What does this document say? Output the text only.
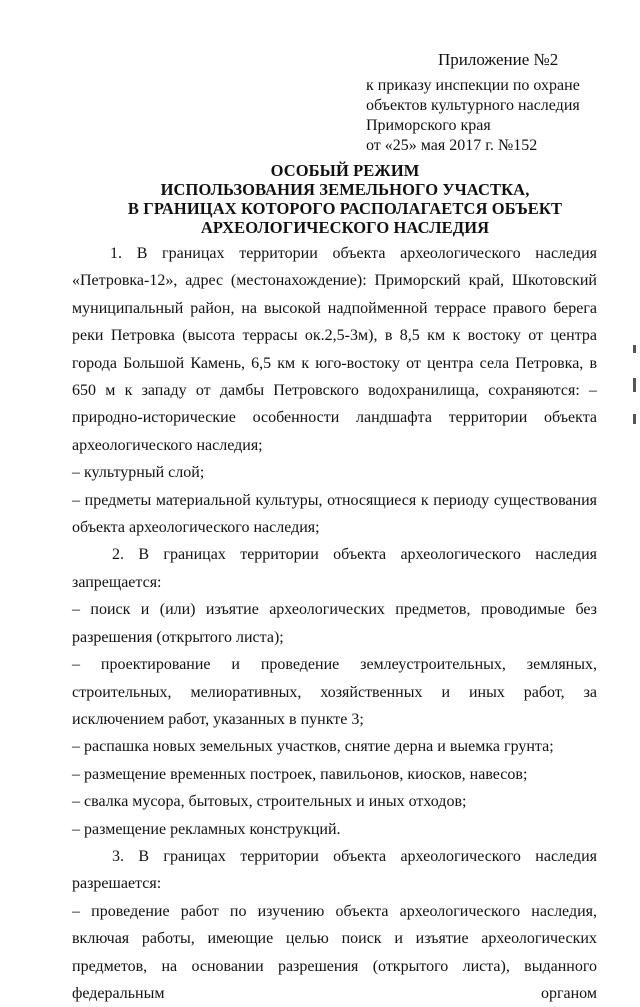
Приложение №2
к приказу инспекции по охране
объектов культурного наследия
Приморского края
от «25» мая 2017 г. №152
ОСОБЫЙ РЕЖИМ
ИСПОЛЬЗОВАНИЯ ЗЕМЕЛЬНОГО УЧАСТКА,
В ГРАНИЦАХ КОТОРОГО РАСПОЛАГАЕТСЯ ОБЪЕКТ
АРХЕОЛОГИЧЕСКОГО НАСЛЕДИЯ

1. В границах территории объекта археологического наследия «Петровка-12», адрес (местонахождение): Приморский край, Шкотовский муниципальный район, на высокой надпойменной террасе правого берега реки Петровка (высота террасы ок.2,5-3м), в 8,5 км к востоку от центра города Большой Камень, 6,5 км к юго-востоку от центра села Петровка, в 650 м к западу от дамбы Петровского водохранилища, сохраняются: – природно-исторические особенности ландшафта территории объекта археологического наследия;

– культурный слой;

– предметы материальной культуры, относящиеся к периоду существования объекта археологического наследия;

2. В границах территории объекта археологического наследия запрещается:

– поиск и (или) изъятие археологических предметов, проводимые без разрешения (открытого листа);

– проектирование и проведение землеустроительных, земляных, строительных, мелиоративных, хозяйственных и иных работ, за исключением работ, указанных в пункте 3;

– распашка новых земельных участков, снятие дерна и выемка грунта;

– размещение временных построек, павильонов, киосков, навесов;

– свалка мусора, бытовых, строительных и иных отходов;

– размещение рекламных конструкций.

3. В границах территории объекта археологического наследия разрешается:

– проведение работ по изучению объекта археологического наследия, включая работы, имеющие целью поиск и изъятие археологических предметов, на основании разрешения (открытого листа), выданного федеральным органом
